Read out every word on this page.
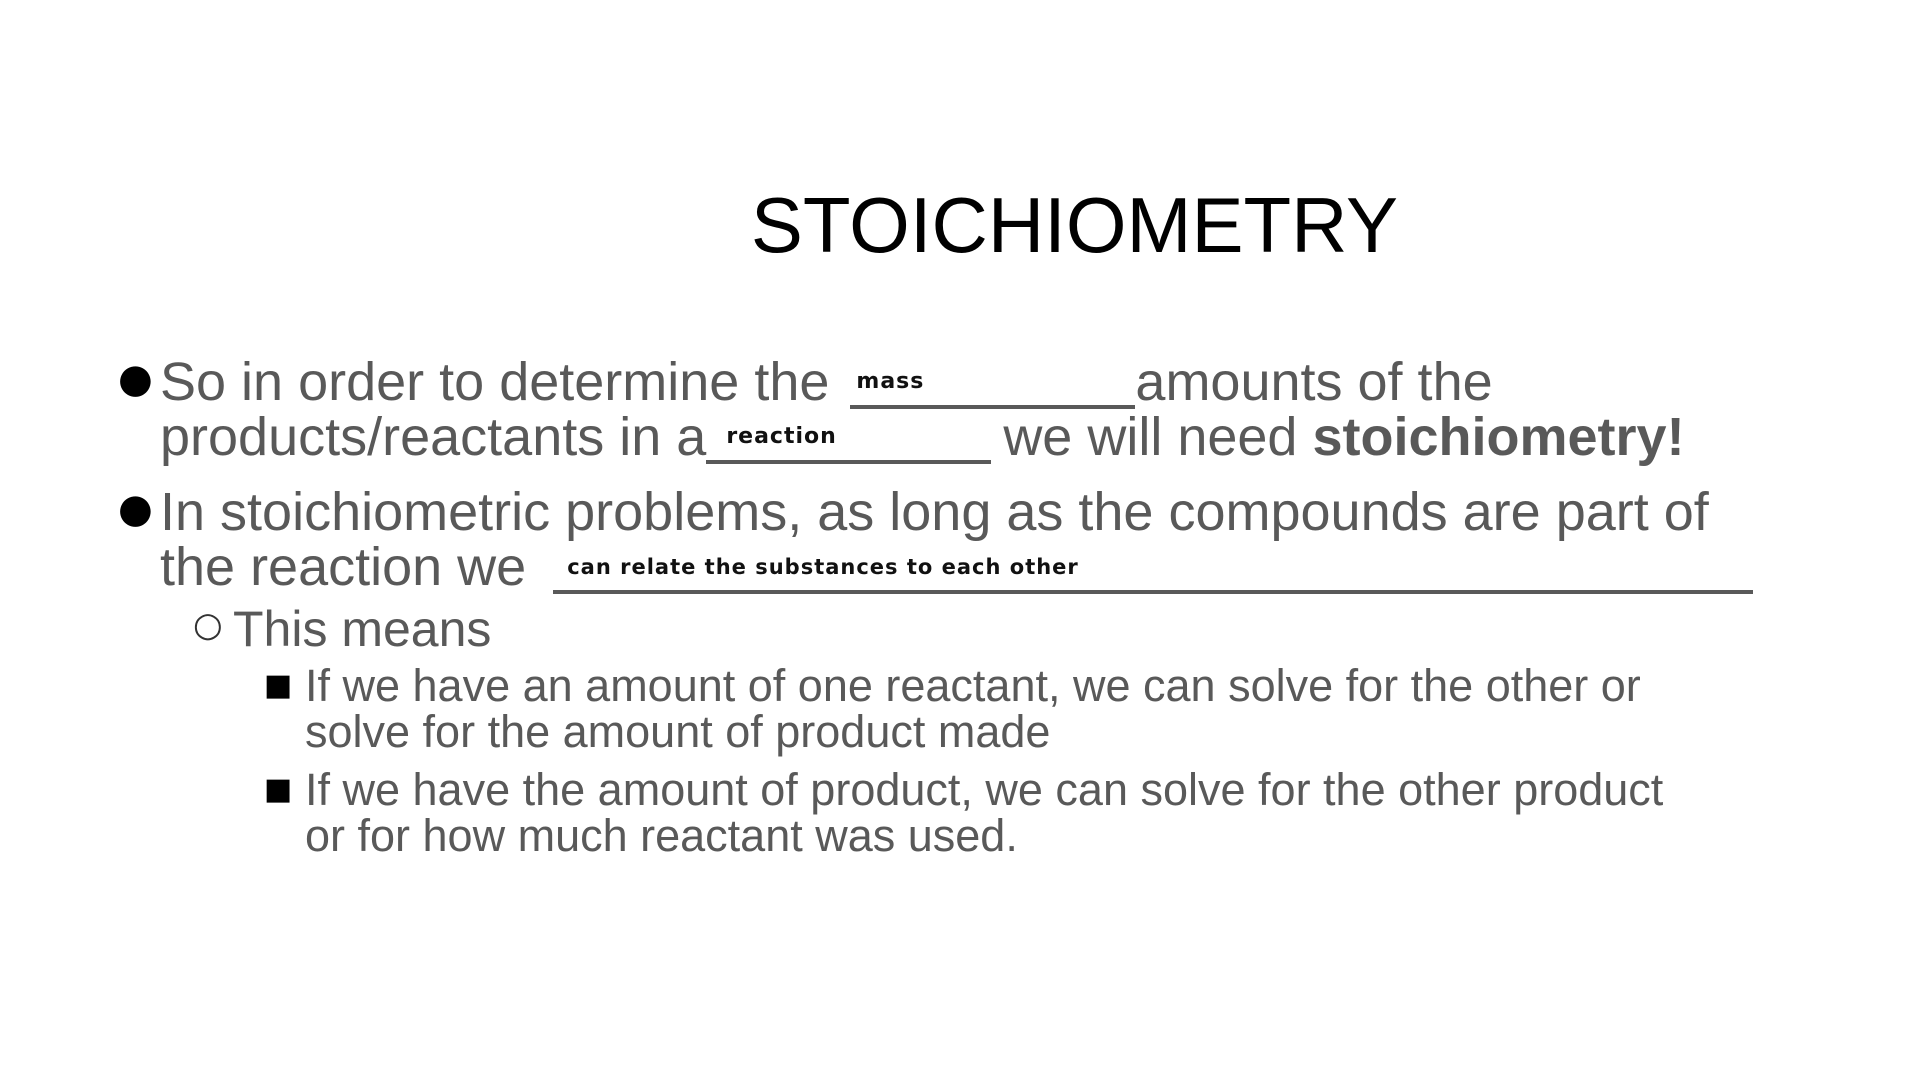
STOICHIOMETRY
● So in order to determine the mass	amounts of the
products/reactants in a reaction	we will need stoichiometry!
● In stoichiometric problems, as long as the compounds are part of
the reaction we can relate the substances to each other
○ This means
■ If we have an amount of one reactant, we can solve for the other or
solve for the amount of product made
■ If we have the amount of product, we can solve for the other product
or for how much reactant was used.
